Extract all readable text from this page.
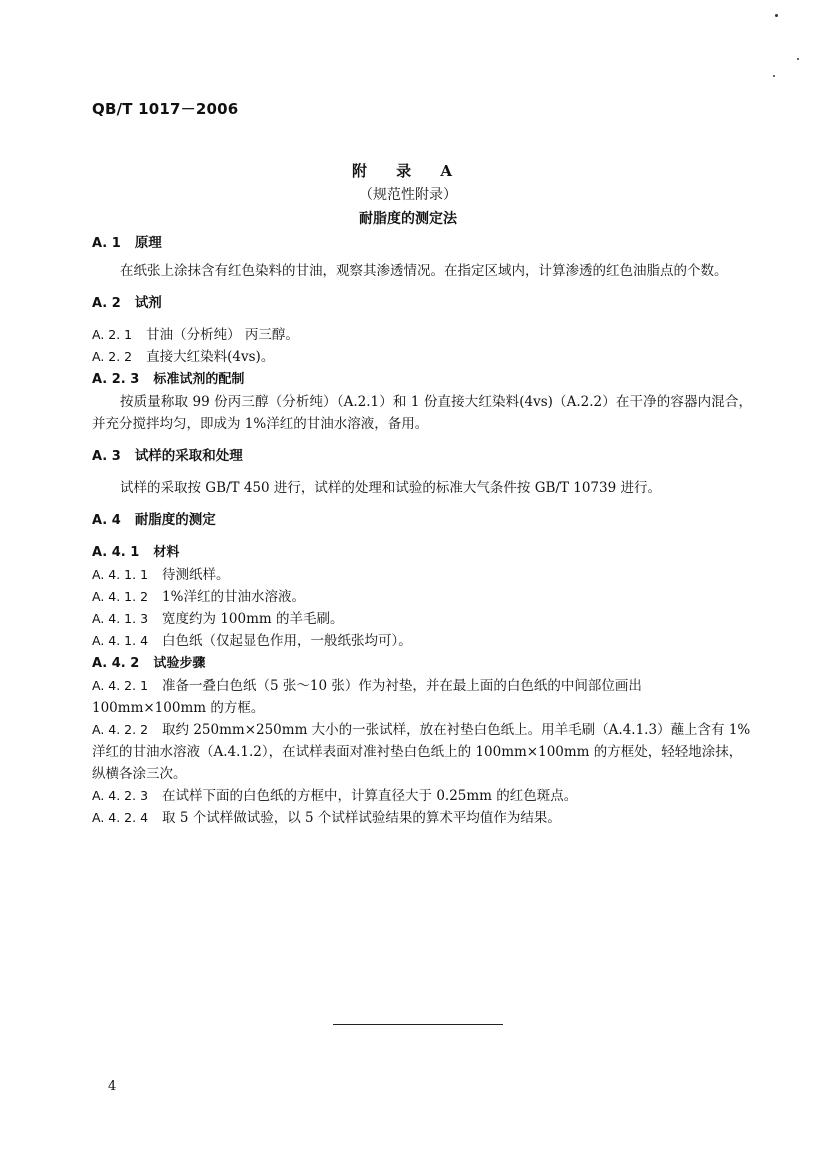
QB/T 1017－2006
附 录 A
（规范性附录）
耐脂度的测定法
A. 1 原理
在纸张上涂抹含有红色染料的甘油，观察其渗透情况。在指定区域内，计算渗透的红色油脂点的个数。
A. 2 试剂
A. 2. 1 甘油（分析纯） 丙三醇。
A. 2. 2 直接大红染料(4vs)。
A. 2. 3 标准试剂的配制
按质量称取 99 份丙三醇（分析纯）（A.2.1）和 1 份直接大红染料(4vs)（A.2.2）在干净的容器内混合，并充分搅拌均匀，即成为 1%洋红的甘油水溶液，备用。
A. 3 试样的采取和处理
试样的采取按 GB/T 450 进行，试样的处理和试验的标准大气条件按 GB/T 10739 进行。
A. 4 耐脂度的测定
A. 4. 1 材料
A. 4. 1. 1 待测纸样。
A. 4. 1. 2 1%洋红的甘油水溶液。
A. 4. 1. 3 宽度约为 100mm 的羊毛刷。
A. 4. 1. 4 白色纸（仅起显色作用，一般纸张均可）。
A. 4. 2 试验步骤
A. 4. 2. 1 准备一叠白色纸（5 张～10 张）作为衬垫，并在最上面的白色纸的中间部位画出 100mm×100mm 的方框。
A. 4. 2. 2 取约 250mm×250mm 大小的一张试样，放在衬垫白色纸上。用羊毛刷（A.4.1.3）蘸上含有 1%洋红的甘油水溶液（A.4.1.2），在试样表面对准衬垫白色纸上的 100mm×100mm 的方框处，轻轻地涂抹，纵横各涂三次。
A. 4. 2. 3 在试样下面的白色纸的方框中，计算直径大于 0.25mm 的红色斑点。
A. 4. 2. 4 取 5 个试样做试验，以 5 个试样试验结果的算术平均值作为结果。
4
